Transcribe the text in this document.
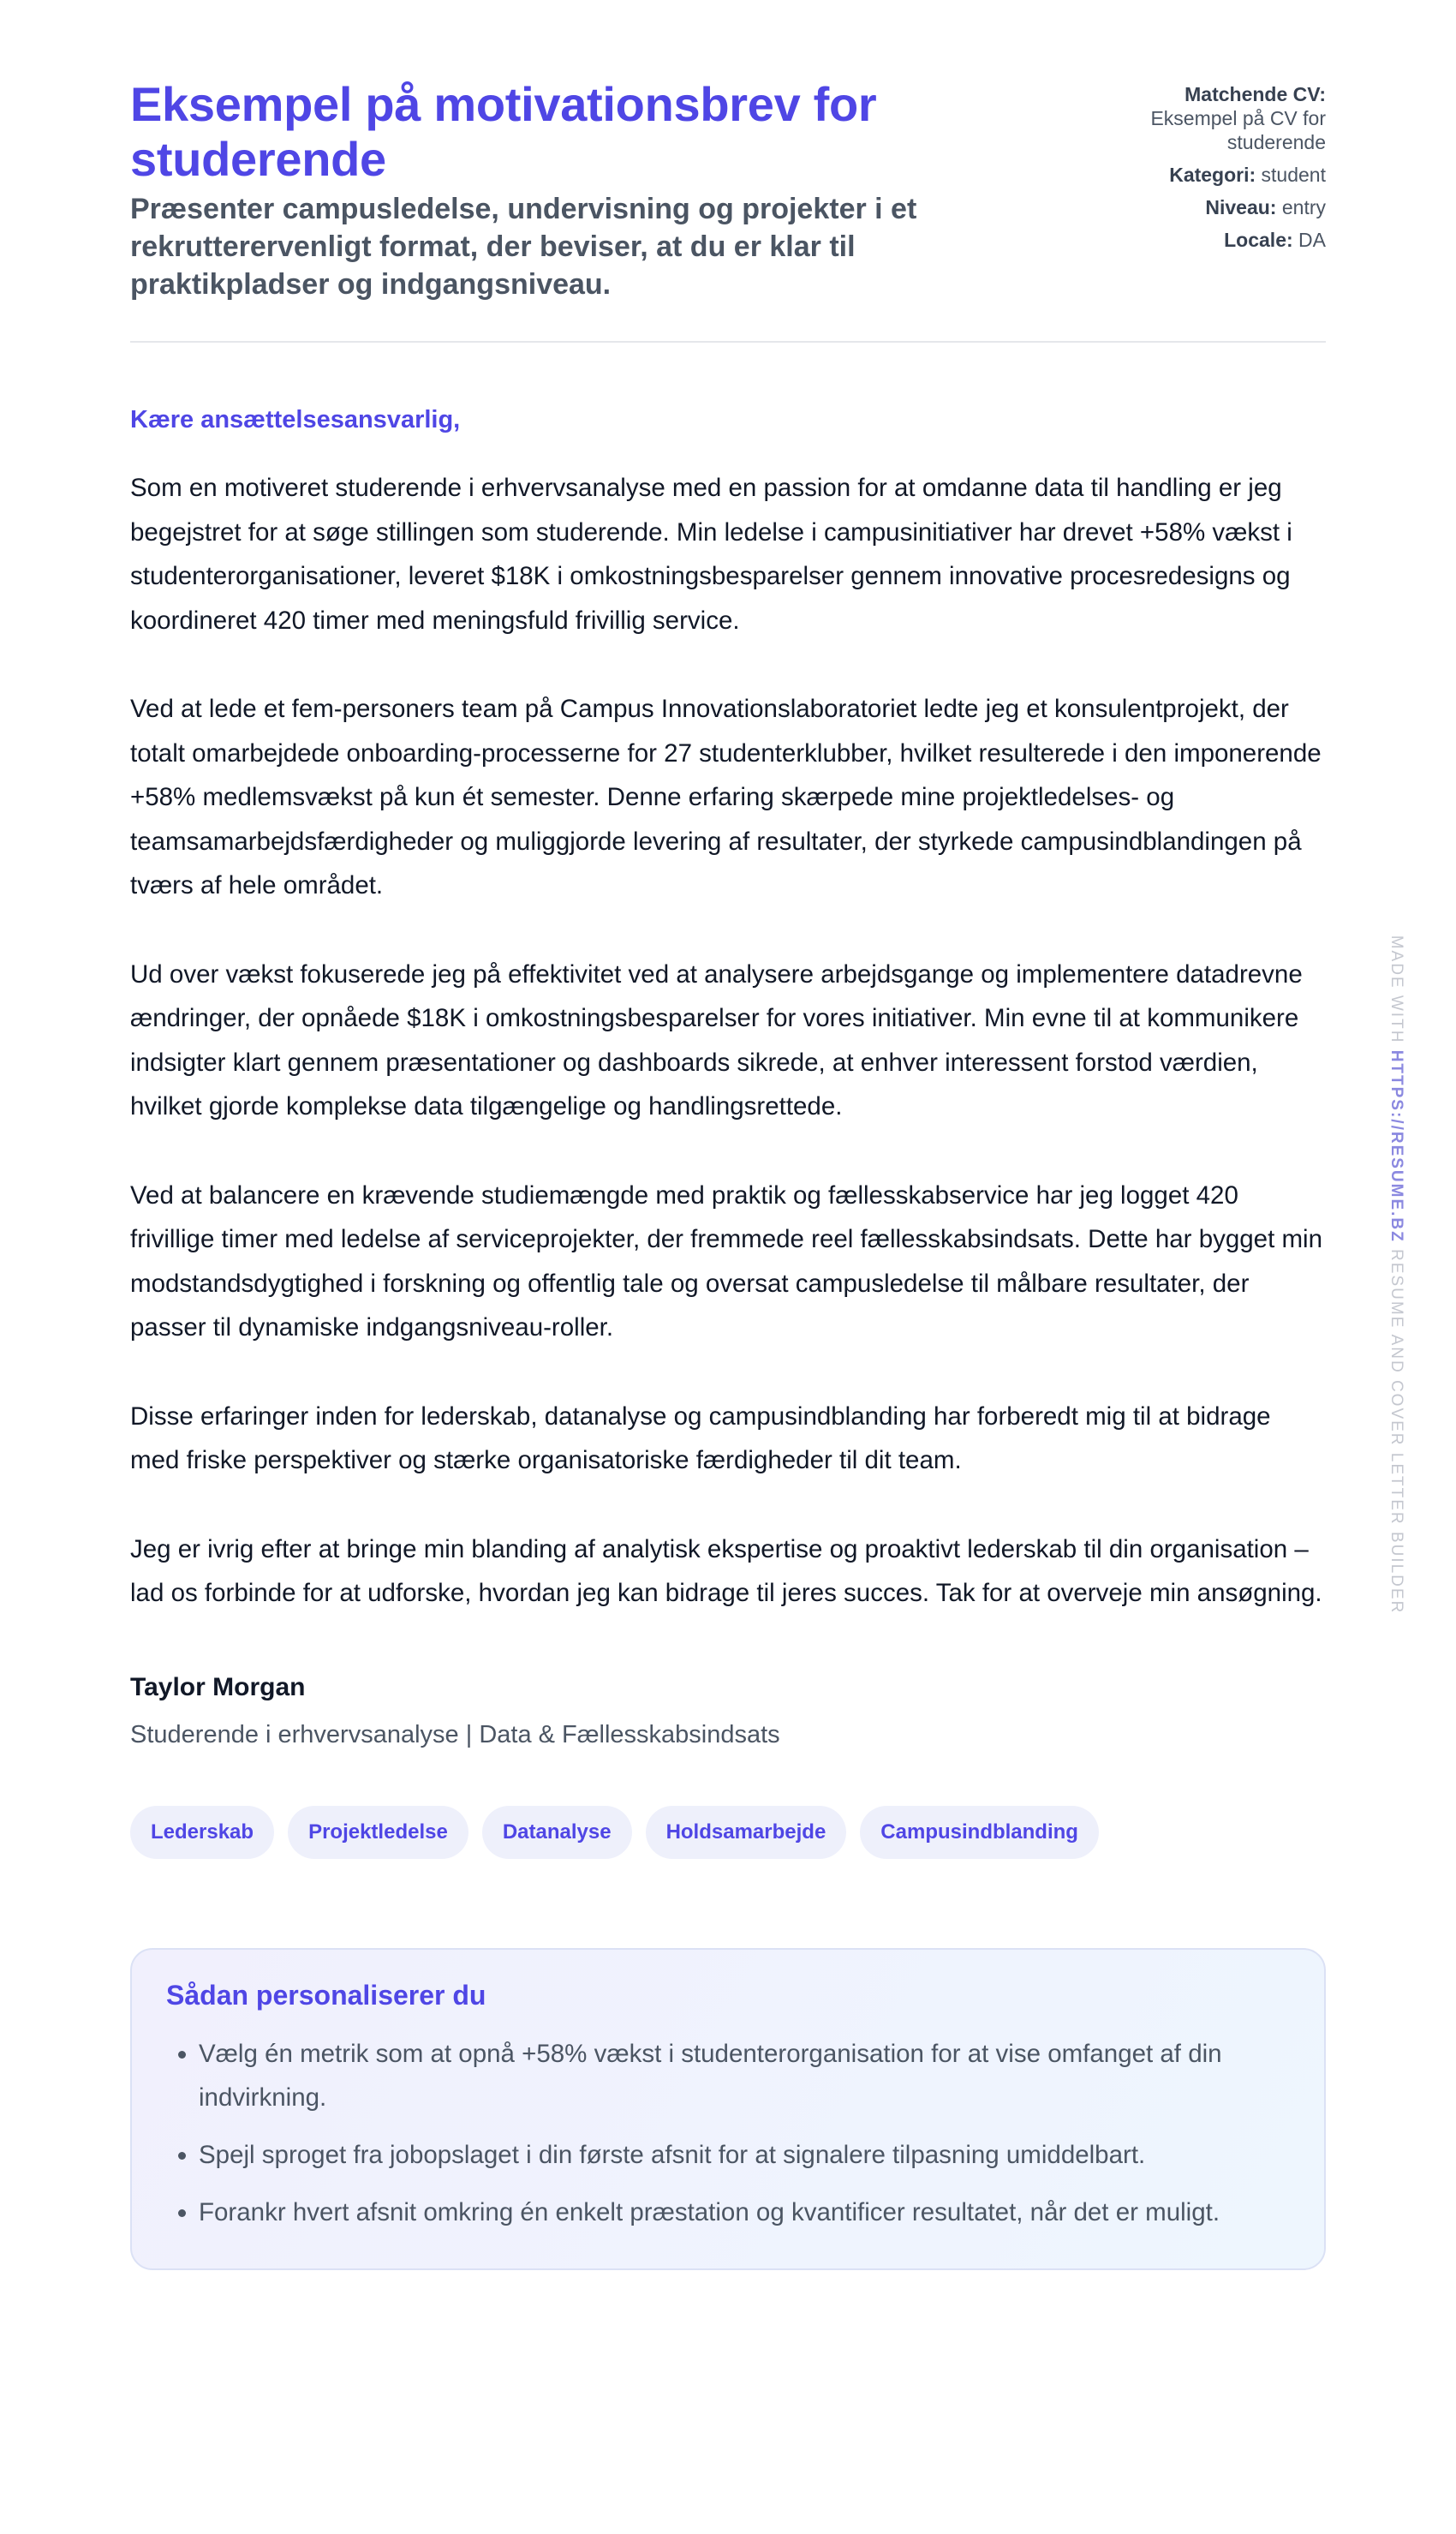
Eksempel på motivationsbrev for studerende
Præsenter campusledelse, undervisning og projekter i et rekrutterervenligt format, der beviser, at du er klar til praktikpladser og indgangsniveau.
Matchende CV:
Eksempel på CV for studerende
Kategori: student
Niveau: entry
Locale: DA
Kære ansættelsesansvarlig,

Som en motiveret studerende i erhvervsanalyse med en passion for at omdanne data til handling er jeg begejstret for at søge stillingen som studerende. Min ledelse i campusinitiativer har drevet +58% vækst i studenterorganisationer, leveret $18K i omkostningsbesparelser gennem innovative procesredesigns og koordineret 420 timer med meningsfuld frivillig service.

Ved at lede et fem-personers team på Campus Innovationslaboratoriet ledte jeg et konsulentprojekt, der totalt omarbejdede onboarding-processerne for 27 studenterklubber, hvilket resulterede i den imponerende +58% medlemsvækst på kun ét semester. Denne erfaring skærpede mine projektledelses- og teamsamarbejdsfærdigheder og muliggjorde levering af resultater, der styrkede campusindblandingen på tværs af hele området.

Ud over vækst fokuserede jeg på effektivitet ved at analysere arbejdsgange og implementere datadrevne ændringer, der opnåede $18K i omkostningsbesparelser for vores initiativer. Min evne til at kommunikere indsigter klart gennem præsentationer og dashboards sikrede, at enhver interessent forstod værdien, hvilket gjorde komplekse data tilgængelige og handlingsrettede.

Ved at balancere en krævende studiemængde med praktik og fællesskabservice har jeg logget 420 frivillige timer med ledelse af serviceprojekter, der fremmede reel fællesskabsindsats. Dette har bygget min modstandsdygtighed i forskning og offentlig tale og oversat campusledelse til målbare resultater, der passer til dynamiske indgangsniveau-roller.

Disse erfaringer inden for lederskab, datanalyse og campusindblanding har forberedt mig til at bidrage med friske perspektiver og stærke organisatoriske færdigheder til dit team.

Jeg er ivrig efter at bringe min blanding af analytisk ekspertise og proaktivt lederskab til din organisation – lad os forbinde for at udforske, hvordan jeg kan bidrage til jeres succes. Tak for at overveje min ansøgning.

Taylor Morgan
Studerende i erhvervsanalyse | Data & Fællesskabsindsats
Lederskab	Projektledelse	Datanalyse	Holdsamarbejde	Campusindblanding
Sådan personaliserer du
• Vælg én metrik som at opnå +58% vækst i studenterorganisation for at vise omfanget af din indvirkning.
• Spejl sproget fra jobopslaget i din første afsnit for at signalere tilpasning umiddelbart.
• Forankr hvert afsnit omkring én enkelt præstation og kvantificer resultatet, når det er muligt.
MADE WITH HTTPS://RESUME.BZ RESUME AND COVER LETTER BUILDER
